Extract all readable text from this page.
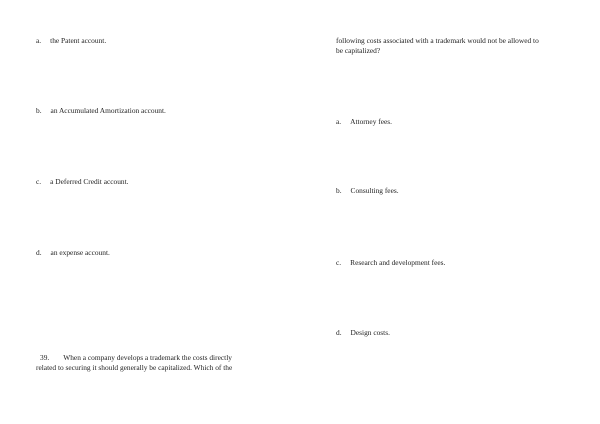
a. the Patent account.
b. an Accumulated Amortization account.
c. a Deferred Credit account.
d. an expense account.
39. When a company develops a trademark the costs directly
related to securing it should generally be capitalized. Which of the
following costs associated with a trademark would not be allowed to
be capitalized?
a. Attorney fees.
b. Consulting fees.
c. Research and development fees.
d. Design costs.
